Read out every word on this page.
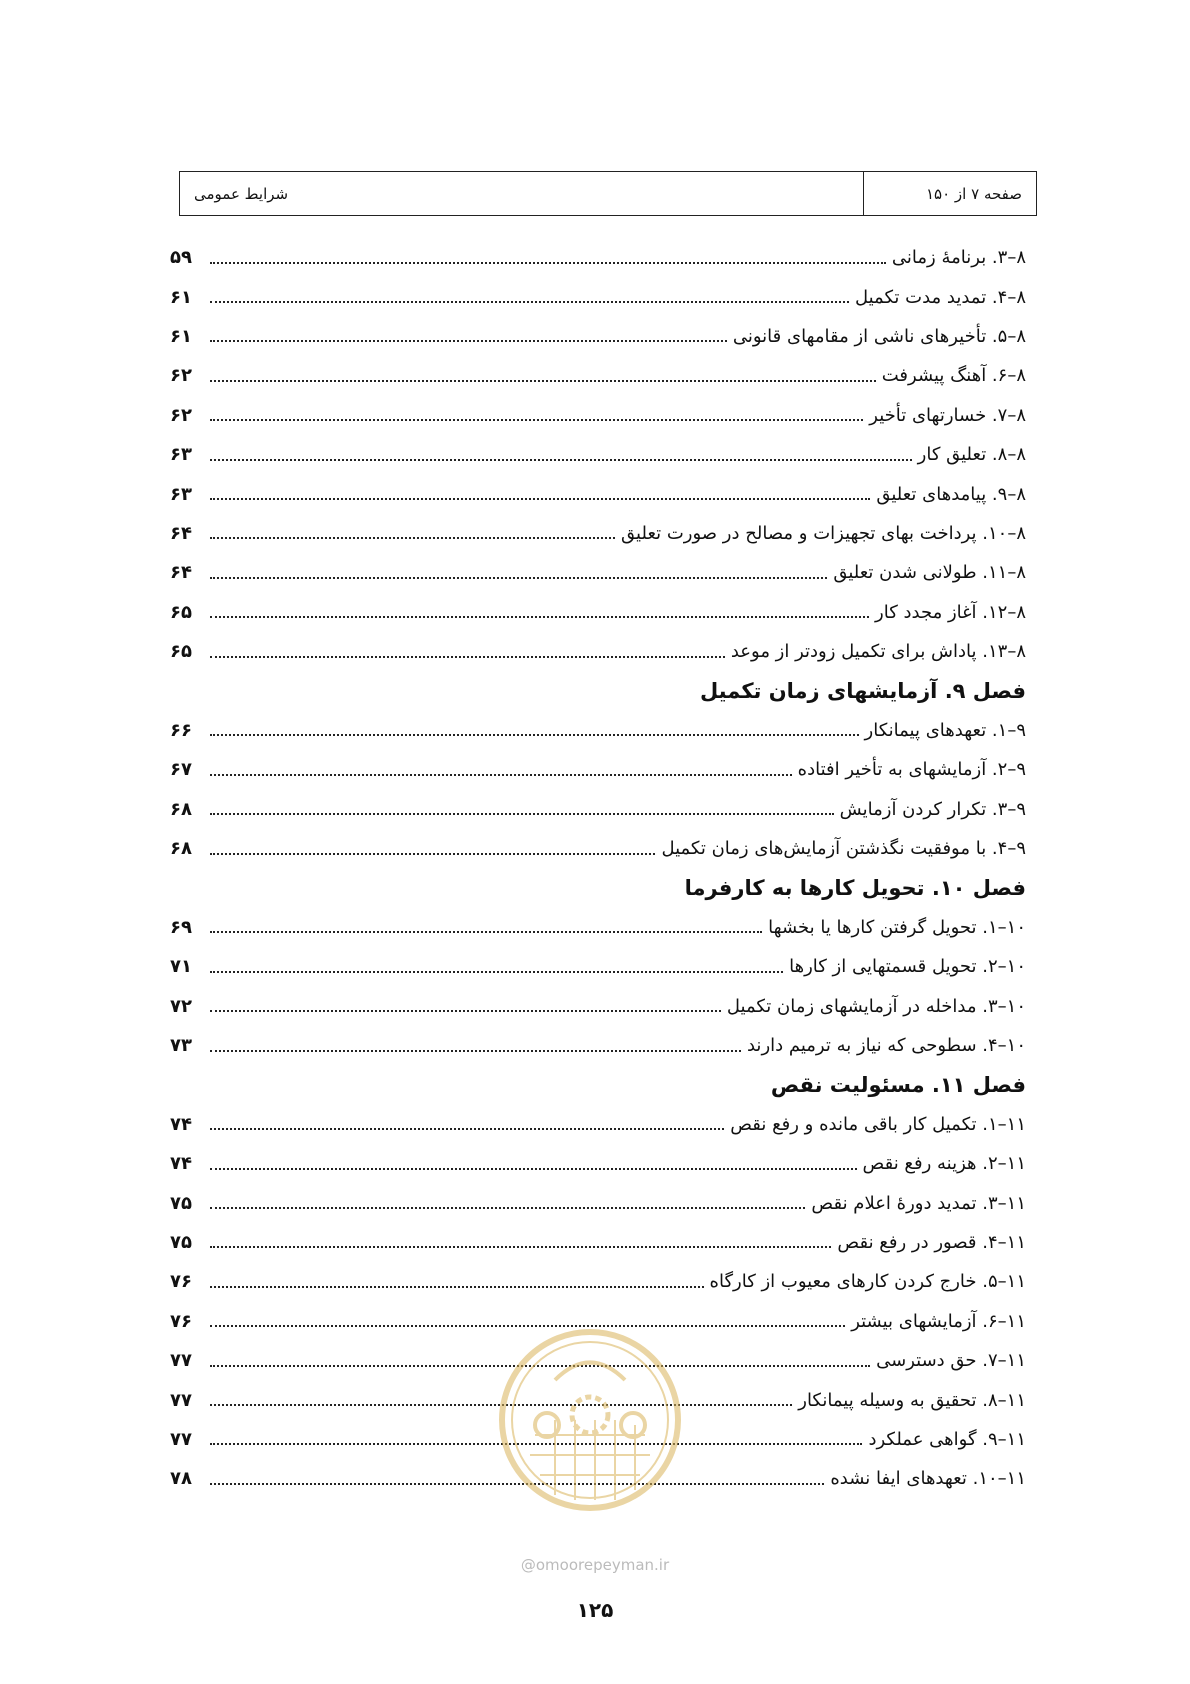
صفحه ۷ از ۱۵۰
شرایط عمومی
۸–۳. برنامۀ زمانی
۵۹
۸–۴. تمدید مدت تکمیل
۶۱
۸–۵. تأخیرهای ناشی از مقامهای قانونی
۶۱
۸–۶. آهنگ پیشرفت
۶۲
۸–۷. خسارتهای تأخیر
۶۲
۸–۸. تعلیق کار
۶۳
۸–۹. پیامدهای تعلیق
۶۳
۸–۱۰. پرداخت بهای تجهیزات و مصالح در صورت تعلیق
۶۴
۸–۱۱. طولانی شدن تعلیق
۶۴
۸–۱۲. آغاز مجدد کار
۶۵
۸–۱۳. پاداش برای تکمیل زودتر از موعد
۶۵
فصل ۹. آزمایشهای زمان تکمیل
۹–۱. تعهدهای پیمانکار
۶۶
۹–۲. آزمایشهای به تأخیر افتاده
۶۷
۹–۳. تکرار کردن آزمایش
۶۸
۹–۴. با موفقیت نگذشتن آزمایش‌های زمان تکمیل
۶۸
فصل ۱۰. تحویل کارها به کارفرما
۱۰–۱. تحویل گرفتن کارها یا بخشها
۶۹
۱۰–۲. تحویل قسمتهایی از کارها
۷۱
۱۰–۳. مداخله در آزمایشهای زمان تکمیل
۷۲
۱۰–۴. سطوحی که نیاز به ترمیم دارند
۷۳
فصل ۱۱. مسئولیت نقص
۱۱–۱. تکمیل کار باقی مانده و رفع نقص
۷۴
۱۱–۲. هزینه رفع نقص
۷۴
۱۱–۳. تمدید دورۀ اعلام نقص
۷۵
۱۱–۴. قصور در رفع نقص
۷۵
۱۱–۵. خارج کردن کارهای معیوب از کارگاه
۷۶
۱۱–۶. آزمایشهای بیشتر
۷۶
۱۱–۷. حق دسترسی
۷۷
۱۱–۸. تحقیق به وسیله پیمانکار
۷۷
۱۱–۹. گواهی عملکرد
۷۷
۱۱–۱۰. تعهدهای ایفا نشده
۷۸
@omoorepeyman.ir
۱۲۵
